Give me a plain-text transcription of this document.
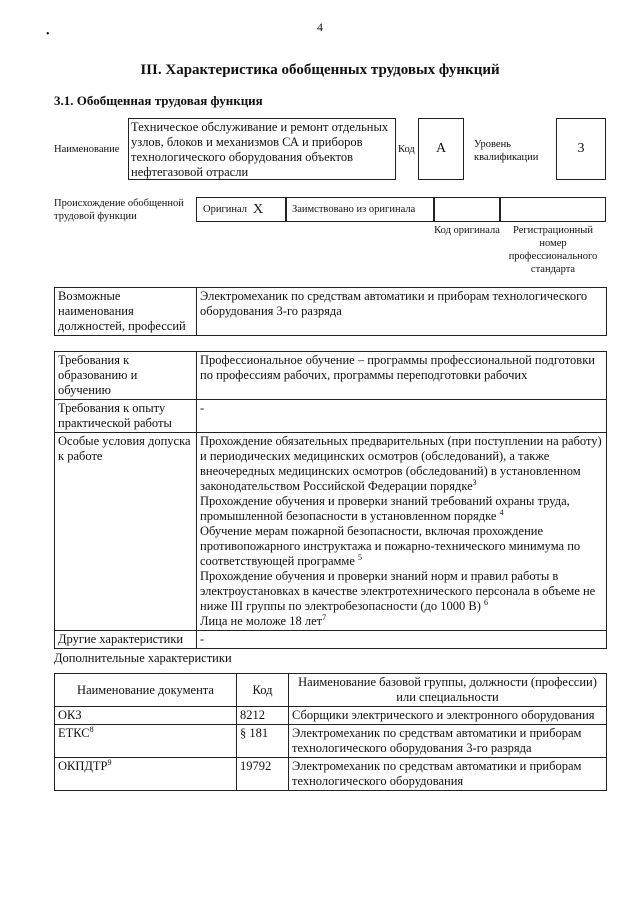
4
•
III. Характеристика обобщенных трудовых функций
3.1. Обобщенная трудовая функция
Наименование
Техническое обслуживание и ремонт отдельных узлов, блоков и механизмов СА и приборов технологического оборудования объектов нефтегазовой отрасли
Код A	Уровень квалификации
3
Происхождение обобщенной трудовой функции
Оригинал X	Заимствовано из оригинала
Код оригинала	Регистрационный номер профессионального стандарта
Возможные наименования должностей, профессий	Электромеханик по средствам автоматики и приборам технологического оборудования 3-го разряда
Требования к образованию и обучению	Профессиональное обучение – программы профессиональной подготовки по профессиям рабочих, программы переподготовки рабочих
Требования к опыту практической работы	-
Особые условия допуска к работе	Прохождение обязательных предварительных (при поступлении на работу) и периодических медицинских осмотров (обследований), а также внеочередных медицинских осмотров (обследований) в установленном законодательством Российской Федерации порядке$^3$
Прохождение обучения и проверки знаний требований охраны труда, промышленной безопасности в установленном порядке $^4$
Обучение мерам пожарной безопасности, включая прохождение противопожарного инструктажа и пожарно-технического минимума по соответствующей программе $^5$
Прохождение обучения и проверки знаний норм и правил работы в электроустановках в качестве электротехнического персонала в объеме не ниже III группы по электробезопасности (до 1000 В) $^6$
Лица не моложе 18 лет$^7$

Другие характеристики	-
Дополнительные характеристики
Наименование документа	Код	Наименование базовой группы, должности (профессии) или специальности
ОКЗ	8212	Сборщики электрического и электронного оборудования
ЕТКС$^8$	§ 181	Электромеханик по средствам автоматики и приборам технологического оборудования 3-го разряда
ОКПДТР$^9$	19792	Электромеханик по средствам автоматики и приборам технологического оборудования
